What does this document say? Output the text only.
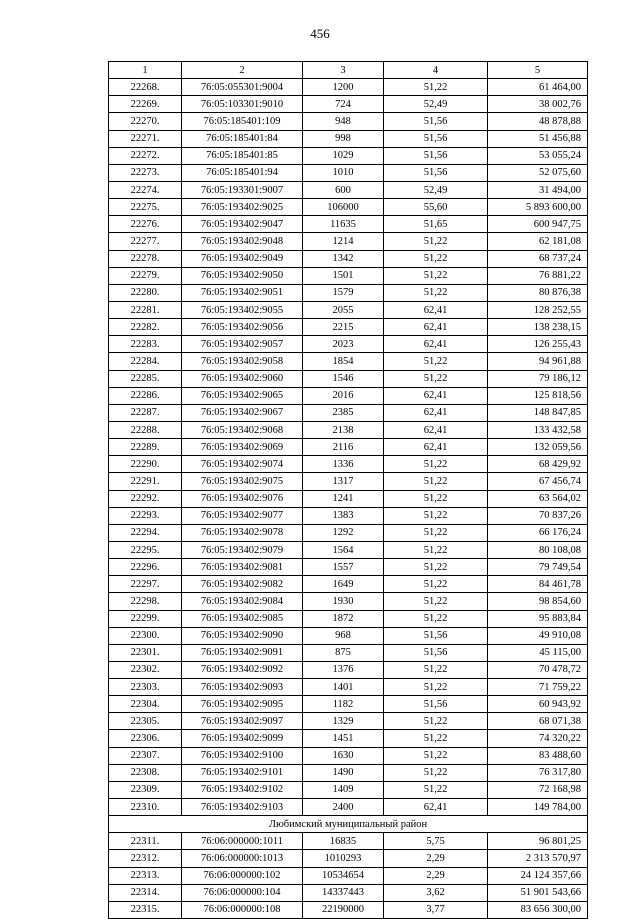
456
1	2	3	4	5
22268.	76:05:055301:9004	1200	51,22	61 464,00
22269.	76:05:103301:9010	724	52,49	38 002,76
22270.	76:05:185401:109	948	51,56	48 878,88
22271.	76:05:185401:84	998	51,56	51 456,88
22272.	76:05:185401:85	1029	51,56	53 055,24
22273.	76:05:185401:94	1010	51,56	52 075,60
22274.	76:05:193301:9007	600	52,49	31 494,00
22275.	76:05:193402:9025	106000	55,60	5 893 600,00
22276.	76:05:193402:9047	11635	51,65	600 947,75
22277.	76:05:193402:9048	1214	51,22	62 181,08
22278.	76:05:193402:9049	1342	51,22	68 737,24
22279.	76:05:193402:9050	1501	51,22	76 881,22
22280.	76:05:193402:9051	1579	51,22	80 876,38
22281.	76:05:193402:9055	2055	62,41	128 252,55
22282.	76:05:193402:9056	2215	62,41	138 238,15
22283.	76:05:193402:9057	2023	62,41	126 255,43
22284.	76:05:193402:9058	1854	51,22	94 961,88
22285.	76:05:193402:9060	1546	51,22	79 186,12
22286.	76:05:193402:9065	2016	62,41	125 818,56
22287.	76:05:193402:9067	2385	62,41	148 847,85
22288.	76:05:193402:9068	2138	62,41	133 432,58
22289.	76:05:193402:9069	2116	62,41	132 059,56
22290.	76:05:193402:9074	1336	51,22	68 429,92
22291.	76:05:193402:9075	1317	51,22	67 456,74
22292.	76:05:193402:9076	1241	51,22	63 564,02
22293.	76:05:193402:9077	1383	51,22	70 837,26
22294.	76:05:193402:9078	1292	51,22	66 176,24
22295.	76:05:193402:9079	1564	51,22	80 108,08
22296.	76:05:193402:9081	1557	51,22	79 749,54
22297.	76:05:193402:9082	1649	51,22	84 461,78
22298.	76:05:193402:9084	1930	51,22	98 854,60
22299.	76:05:193402:9085	1872	51,22	95 883,84
22300.	76:05:193402:9090	968	51,56	49 910,08
22301.	76:05:193402:9091	875	51,56	45 115,00
22302.	76:05:193402:9092	1376	51,22	70 478,72
22303.	76:05:193402:9093	1401	51,22	71 759,22
22304.	76:05:193402:9095	1182	51,56	60 943,92
22305.	76:05:193402:9097	1329	51,22	68 071,38
22306.	76:05:193402:9099	1451	51,22	74 320,22
22307.	76:05:193402:9100	1630	51,22	83 488,60
22308.	76:05:193402:9101	1490	51,22	76 317,80
22309.	76:05:193402:9102	1409	51,22	72 168,98
22310.	76:05:193402:9103	2400	62,41	149 784,00
Любимский муниципальный район				
22311.	76:06:000000:1011	16835	5,75	96 801,25
22312.	76:06:000000:1013	1010293	2,29	2 313 570,97
22313.	76:06:000000:102	10534654	2,29	24 124 357,66
22314.	76:06:000000:104	14337443	3,62	51 901 543,66
22315.	76:06:000000:108	22190000	3,77	83 656 300,00
